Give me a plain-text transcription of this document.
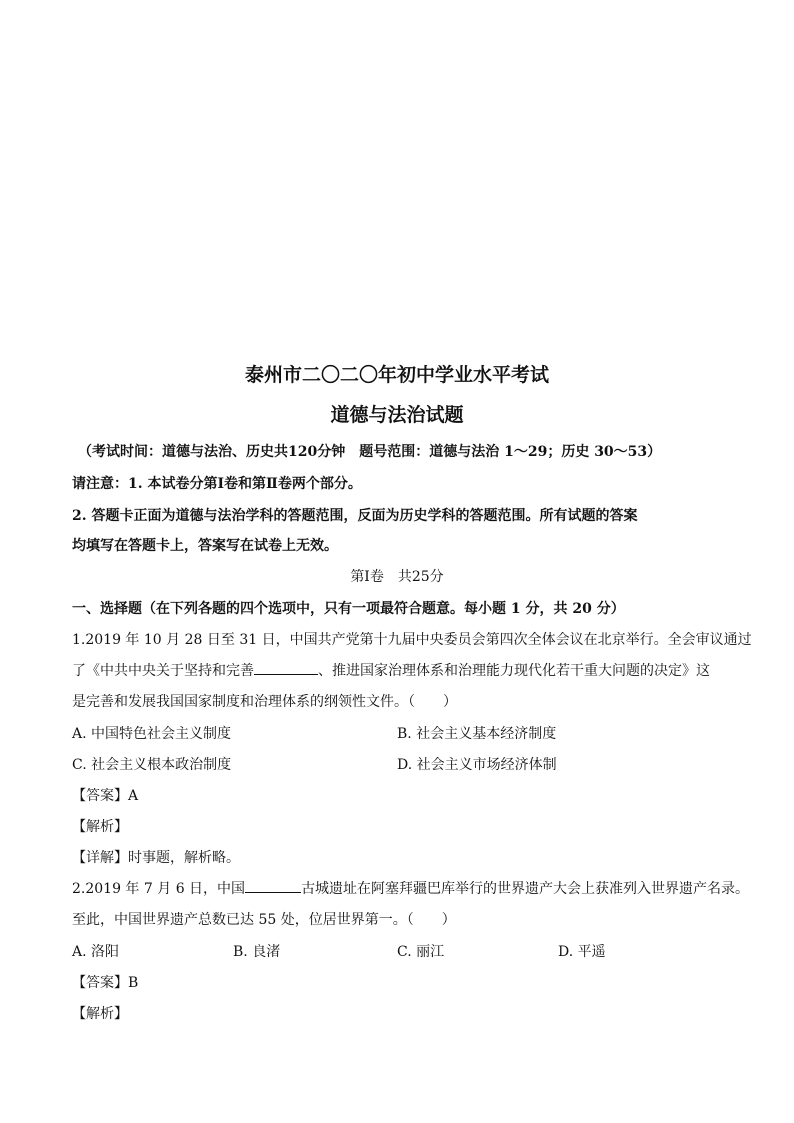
泰州市二〇二〇年初中学业水平考试
道德与法治试题
（考试时间：道德与法治、历史共120分钟　题号范围：道德与法治 1～29；历史 30～53）
请注意：1. 本试卷分第Ⅰ卷和第Ⅱ卷两个部分。
2. 答题卡正面为道德与法治学科的答题范围，反面为历史学科的答题范围。所有试题的答案
均填写在答题卡上，答案写在试卷上无效。
第Ⅰ卷　共25分
一、选择题（在下列各题的四个选项中，只有一项最符合题意。每小题 1 分，共 20 分）
1.2019 年 10 月 28 日至 31 日，中国共产党第十九届中央委员会第四次全体会议在北京举行。全会审议通过
了《中共中央关于坚持和完善	、推进国家治理体系和治理能力现代化若干重大问题的决定》这
是完善和发展我国国家制度和治理体系的纲领性文件。（　　）
A. 中国特色社会主义制度	B. 社会主义基本经济制度
C. 社会主义根本政治制度	D. 社会主义市场经济体制
【答案】A
【解析】
【详解】时事题，解析略。
2.2019 年 7 月 6 日，中国	古城遗址在阿塞拜疆巴库举行的世界遗产大会上获准列入世界遗产名录。
至此，中国世界遗产总数已达 55 处，位居世界第一。（　　）
A. 洛阳	B. 良渚	C. 丽江	D. 平遥
【答案】B
【解析】
